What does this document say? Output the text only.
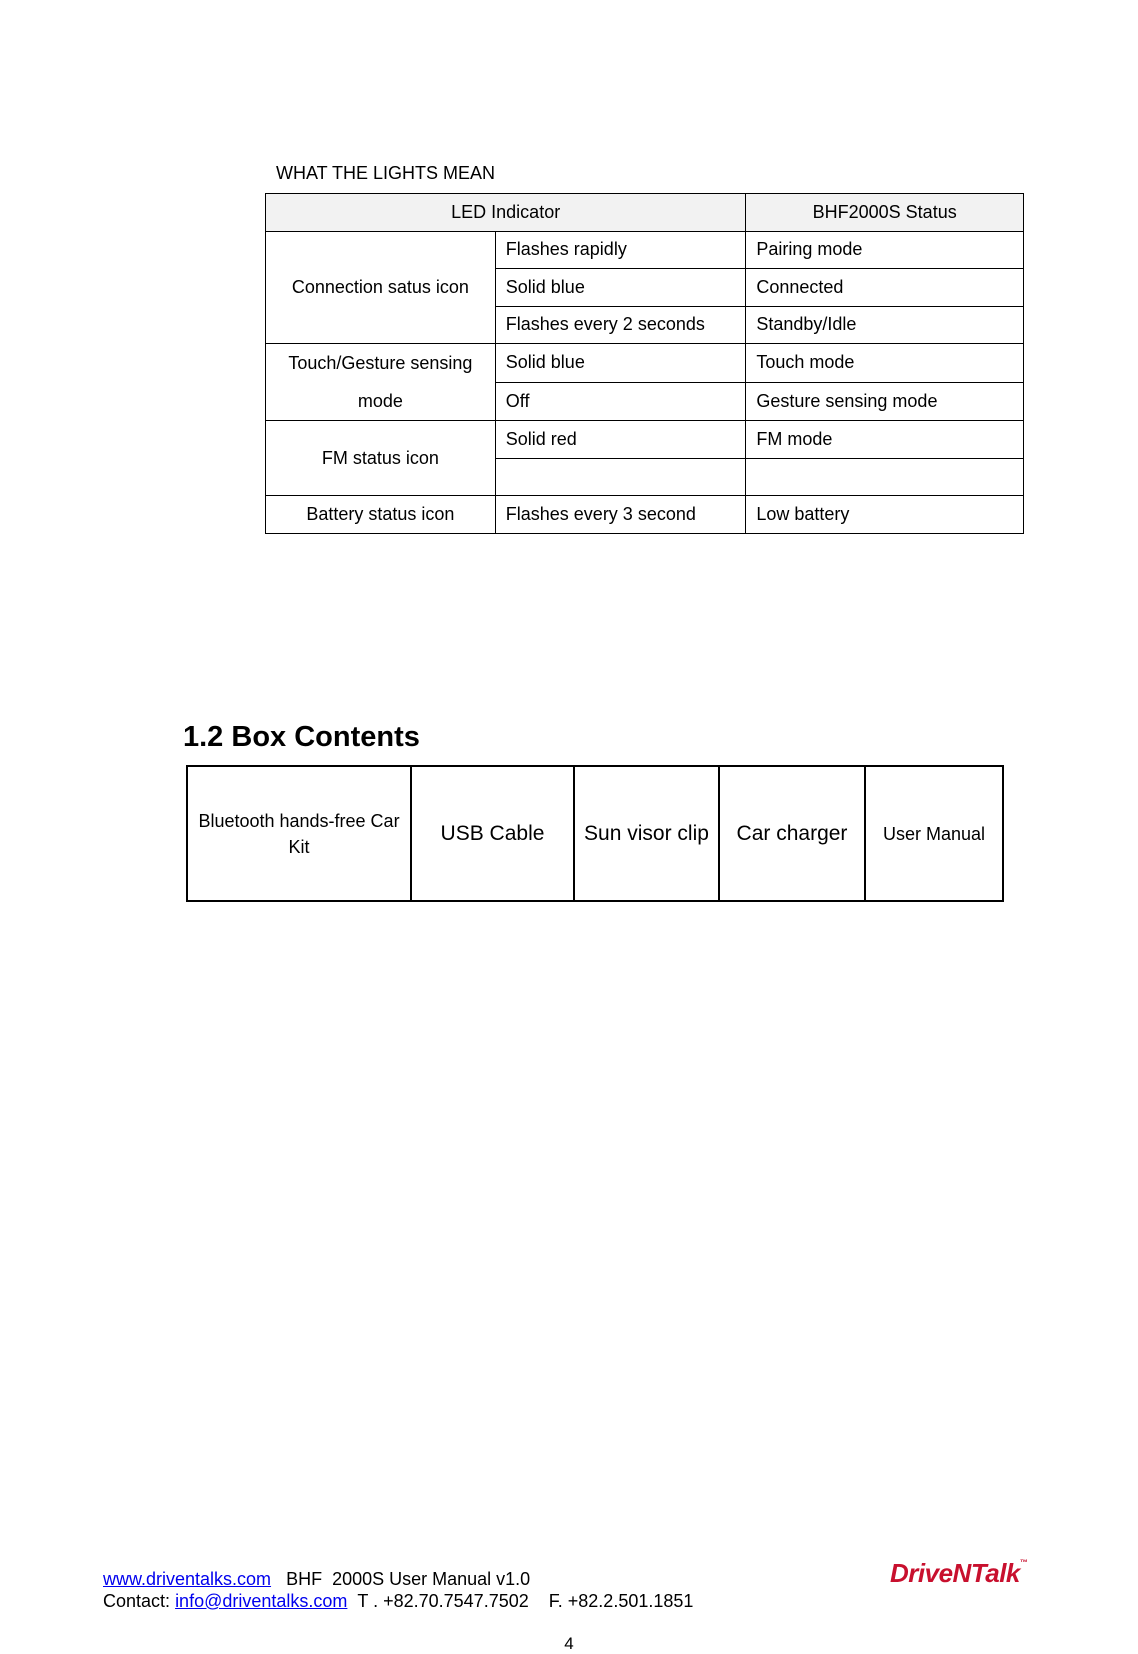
WHAT THE LIGHTS MEAN
LED Indicator		BHF2000S Status
Connection satus icon	Flashes rapidly	Pairing mode
	Solid blue	Connected
	Flashes every 2 seconds	Standby/Idle
Touch/Gesture sensing mode	Solid blue	Touch mode
	Off	Gesture sensing mode
FM status icon	Solid red	FM mode

Battery status icon	Flashes every 3 second	Low battery
1.2 Box Contents
Bluetooth hands-free Car Kit	USB Cable	Sun visor clip	Car charger	User Manual
www.driventalks.com BHF  2000S User Manual v1.0
Contact: info@driventalks.com T . +82.70.7547.7502 F. +82.2.501.1851
DriveNTalk™
4
